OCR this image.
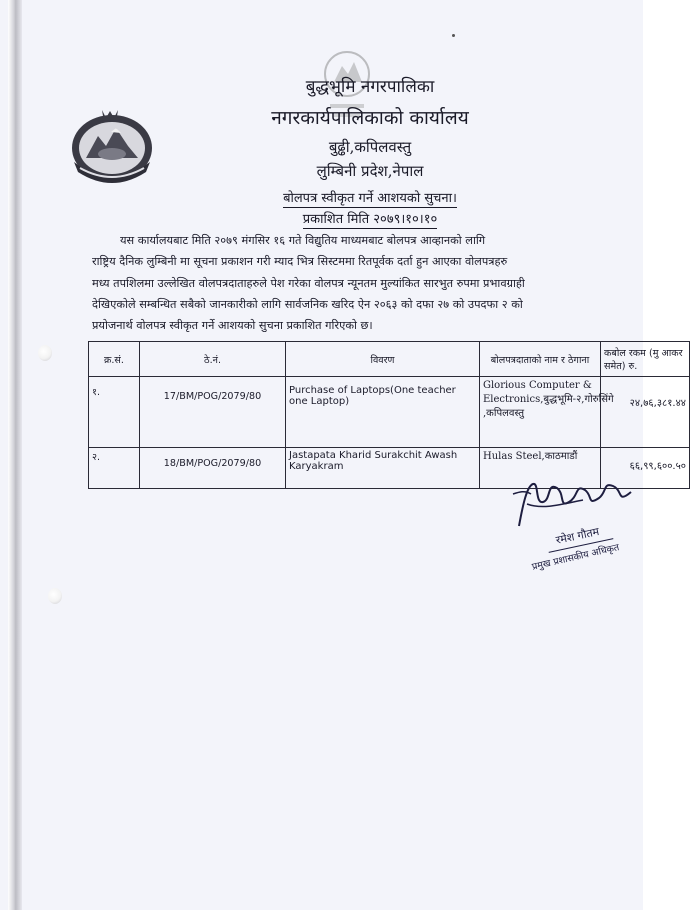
बुद्धभूमि नगरपालिका
नगरकार्यपालिकाको कार्यालय
बुढ्ढी,कपिलवस्तु
लुम्बिनी प्रदेश,नेपाल
बोलपत्र स्वीकृत गर्ने आशयको सुचना।
प्रकाशित मिति २०७९।१०।१०
यस कार्यालयबाट मिति २०७९ मंगसिर १६ गते विद्युतिय माध्यमबाट बोलपत्र आव्हानको लागि
राष्ट्रिय दैनिक लुम्बिनी मा सूचना प्रकाशन गरी म्याद भित्र सिस्टममा रितपूर्वक दर्ता हुन आएका वोलपत्रहरु
मध्य तपशिलमा उल्लेखित वोलपत्रदाताहरुले पेश गरेका वोलपत्र न्यूनतम मुल्यांकित सारभुत रुपमा प्रभावग्राही
देखिएकोले सम्बन्धित सबैको जानकारीको लागि सार्वजनिक खरिद ऐन २०६३ को दफा २७ को उपदफा २ को
प्रयोजनार्थ वोलपत्र स्वीकृत गर्ने आशयको सुचना प्रकाशित गरिएको छ।
क्र.सं.	ठे.नं.	विवरण	बोलपत्रदाताको नाम र ठेगाना	कबोल रकम (मु आकर समेत) रु.
१.	17/BM/POG/2079/80	Purchase of Laptops(One teacher one Laptop)	Glorious Computer & Electronics,बुद्धभूमि-२,गोरुसिंगे ,कपिलवस्तु	२४,७६,३८१.४४
२.	18/BM/POG/2079/80	Jastapata Kharid Surakchit Awash Karyakram	Hulas Steel,काठमाडौं	६६,९९,६००.५०
रमेश गौतम
प्रमुख प्रशासकीय अधिकृत
